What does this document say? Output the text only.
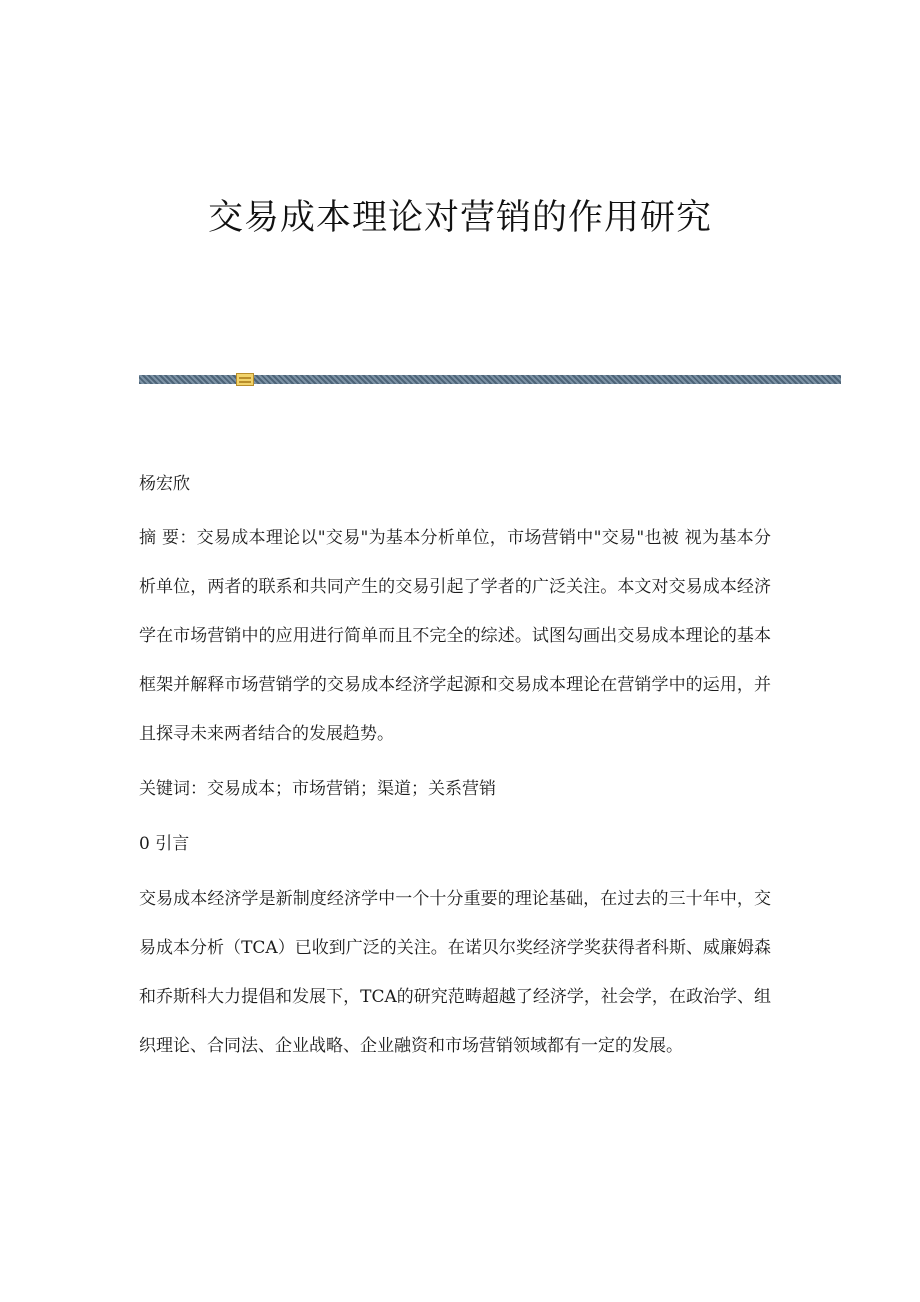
交易成本理论对营销的作用研究

杨宏欣

摘 要：交易成本理论以"交易"为基本分析单位，市场营销中"交易"也被 视为基本分析单位，两者的联系和共同产生的交易引起了学者的广泛关注。本文对交易成本经济学在市场营销中的应用进行简单而且不完全的综述。试图勾画出交易成本理论的基本框架并解释市场营销学的交易成本经济学起源和交易成本理论在营销学中的运用，并且探寻未来两者结合的发展趋势。

关键词：交易成本；市场营销；渠道；关系营销

0 引言

交易成本经济学是新制度经济学中一个十分重要的理论基础，在过去的三十年中，交易成本分析（TCA）已收到广泛的关注。在诺贝尔奖经济学奖获得者科斯、威廉姆森和乔斯科大力提倡和发展下，TCA的研究范畴超越了经济学，社会学，在政治学、组织理论、合同法、企业战略、企业融资和市场营销领域都有一定的发展。
